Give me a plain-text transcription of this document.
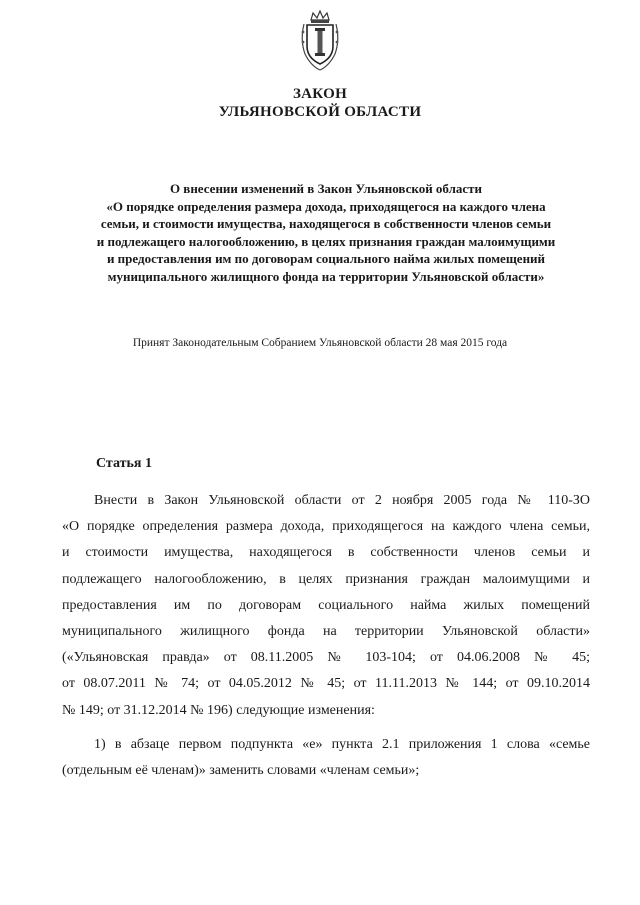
ЗАКОН
УЛЬЯНОВСКОЙ ОБЛАСТИ
О внесении изменений в Закон Ульяновской области
«О порядке определения размера дохода, приходящегося на каждого члена
семьи, и стоимости имущества, находящегося в собственности членов семьи
и подлежащего налогообложению, в целях признания граждан малоимущими
и предоставления им по договорам социального найма жилых помещений
муниципального жилищного фонда на территории Ульяновской области»
Принят Законодательным Собранием Ульяновской области 28 мая 2015 года
Статья 1
Внести в Закон Ульяновской области от 2 ноября 2005 года № 110-ЗО
«О порядке определения размера дохода, приходящегося на каждого члена семьи,
и стоимости имущества, находящегося в собственности членов семьи и
подлежащего налогообложению, в целях признания граждан малоимущими и
предоставления им по договорам социального найма жилых помещений
муниципального жилищного фонда на территории Ульяновской области»
(«Ульяновская правда» от 08.11.2005 № 103-104; от 04.06.2008 № 45;
от 08.07.2011 № 74; от 04.05.2012 № 45; от 11.11.2013 № 144; от 09.10.2014
№ 149; от 31.12.2014 № 196) следующие изменения:
1) в абзаце первом подпункта «е» пункта 2.1 приложения 1 слова «семье
(отдельным её членам)» заменить словами «членам семьи»;
